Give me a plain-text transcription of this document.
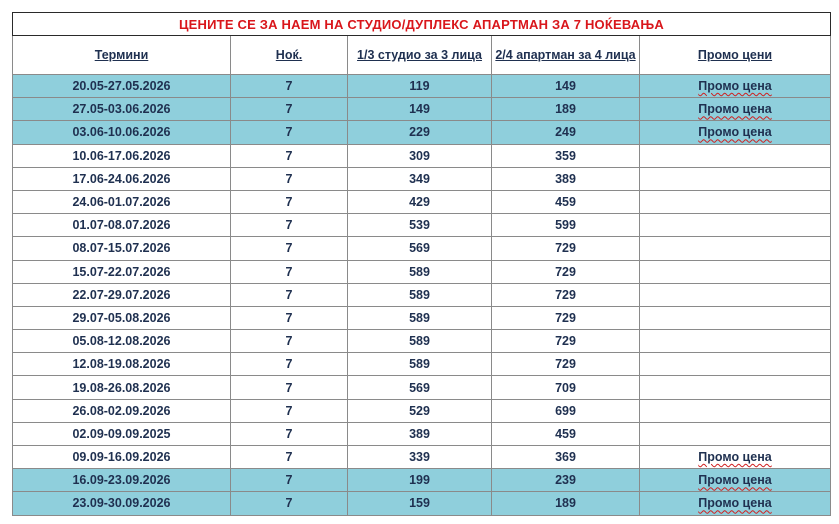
ЦЕНИТЕ СЕ ЗА НАЕМ НА СТУДИО/ДУПЛЕКС АПАРТМАН ЗА 7 НОЌЕВАЊА				
Термини	Ноќ.	1/3 студио за 3 лица	2/4 апартман за 4 лица	Промо цени
20.05-27.05.2026	7	119	149	Промо цена
27.05-03.06.2026	7	149	189	Промо цена
03.06-10.06.2026	7	229	249	Промо цена
10.06-17.06.2026	7	309	359	
17.06-24.06.2026	7	349	389	
24.06-01.07.2026	7	429	459	
01.07-08.07.2026	7	539	599	
08.07-15.07.2026	7	569	729	
15.07-22.07.2026	7	589	729	
22.07-29.07.2026	7	589	729	
29.07-05.08.2026	7	589	729	
05.08-12.08.2026	7	589	729	
12.08-19.08.2026	7	589	729	
19.08-26.08.2026	7	569	709	
26.08-02.09.2026	7	529	699	
02.09-09.09.2025	7	389	459	
09.09-16.09.2026	7	339	369	Промо цена
16.09-23.09.2026	7	199	239	Промо цена
23.09-30.09.2026	7	159	189	Промо цена
